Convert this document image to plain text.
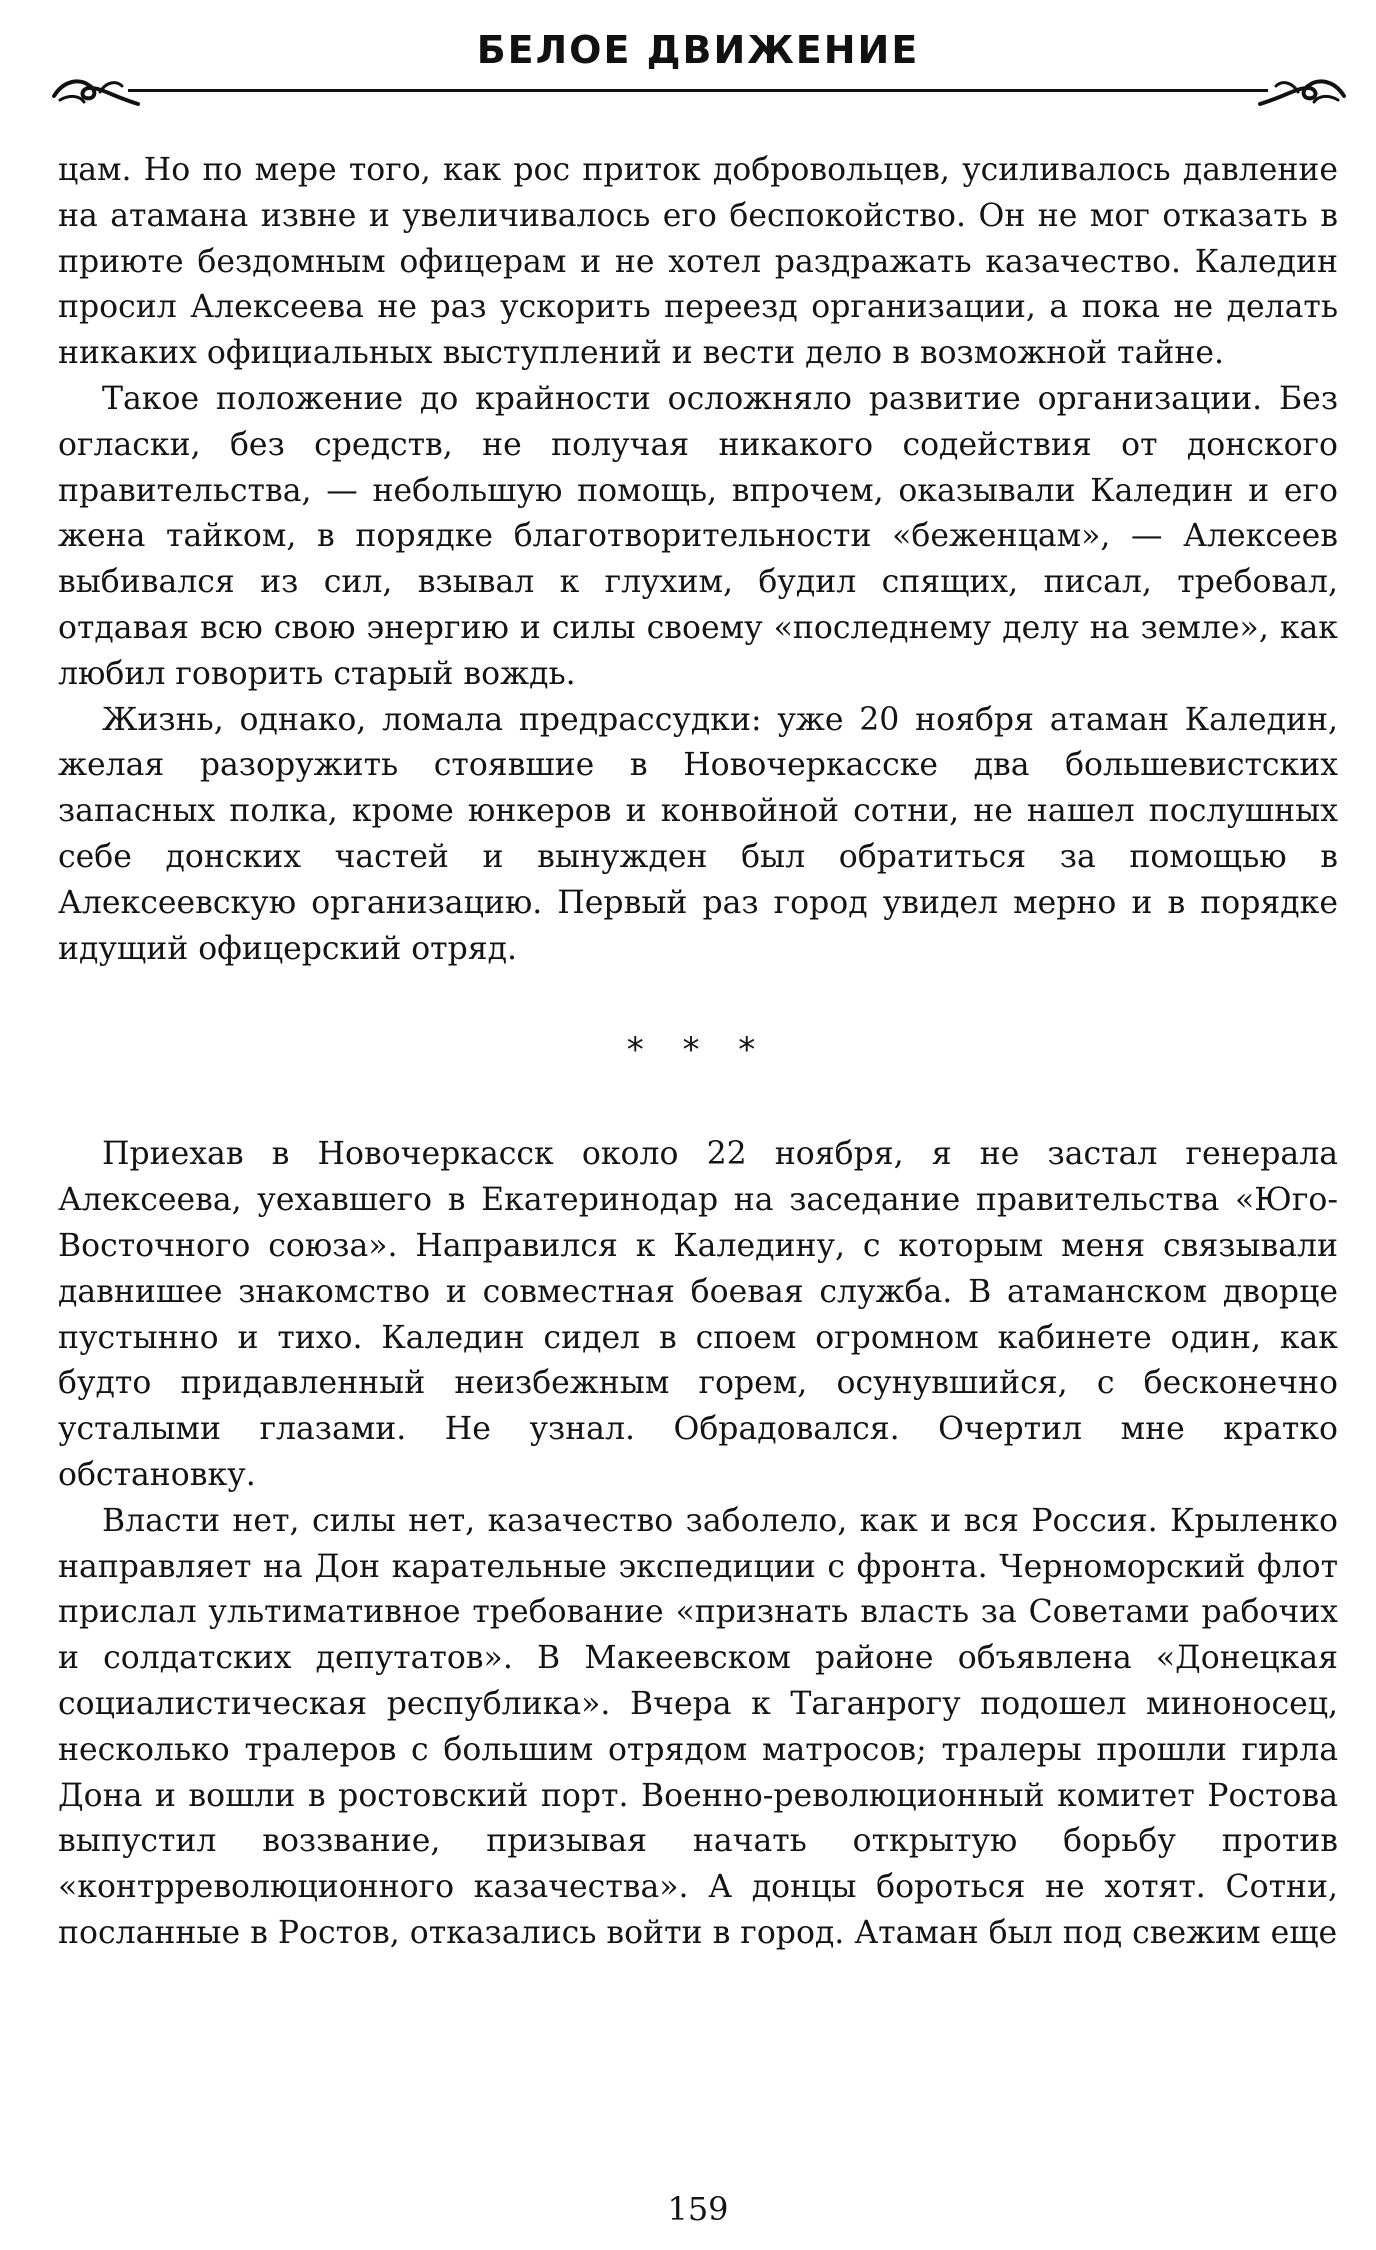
БЕЛОЕ ДВИЖЕНИЕ

цам. Но по мере того, как рос приток добровольцев, усиливалось давление на атамана извне и увеличивалось его беспокойство. Он не мог отказать в приюте бездомным офицерам и не хотел раздражать казачество. Каледин просил Алексеева не раз ускорить переезд организации, а пока не делать никаких официальных выступлений и вести дело в возможной тайне.

Такое положение до крайности осложняло развитие организации. Без огласки, без средств, не получая никакого содействия от донского правительства, — небольшую помощь, впрочем, оказывали Каледин и его жена тайком, в порядке благотворительности «беженцам», — Алексеев выбивался из сил, взывал к глухим, будил спящих, писал, требовал, отдавая всю свою энергию и силы своему «последнему делу на земле», как любил говорить старый вождь.

Жизнь, однако, ломала предрассудки: уже 20 ноября атаман Каледин, желая разоружить стоявшие в Новочеркасске два большевистских запасных полка, кроме юнкеров и конвойной сотни, не нашел послушных себе донских частей и вынужден был обратиться за помощью в Алексеевскую организацию. Первый раз город увидел мерно и в порядке идущий офицерский отряд.

* * *

Приехав в Новочеркасск около 22 ноября, я не застал генерала Алексеева, уехавшего в Екатеринодар на заседание правительства «Юго-Восточного союза». Направился к Каледину, с которым меня связывали давнишее знакомство и совместная боевая служба. В атаманском дворце пустынно и тихо. Каледин сидел в споем огромном кабинете один, как будто придавленный неизбежным горем, осунувшийся, с бесконечно усталыми глазами. Не узнал. Обрадовался. Очертил мне кратко обстановку.

Власти нет, силы нет, казачество заболело, как и вся Россия. Крыленко направляет на Дон карательные экспедиции с фронта. Черноморский флот прислал ультимативное требование «признать власть за Советами рабочих и солдатских депутатов». В Макеевском районе объявлена «Донецкая социалистическая республика». Вчера к Таганрогу подошел миноносец, несколько тралеров с большим отрядом матросов; тралеры прошли гирла Дона и вошли в ростовский порт. Военно-революционный комитет Ростова выпустил воззвание, призывая начать открытую борьбу против «контрреволюционного казачества». А донцы бороться не хотят. Сотни, посланные в Ростов, отказались войти в город. Атаман был под свежим еще

159
